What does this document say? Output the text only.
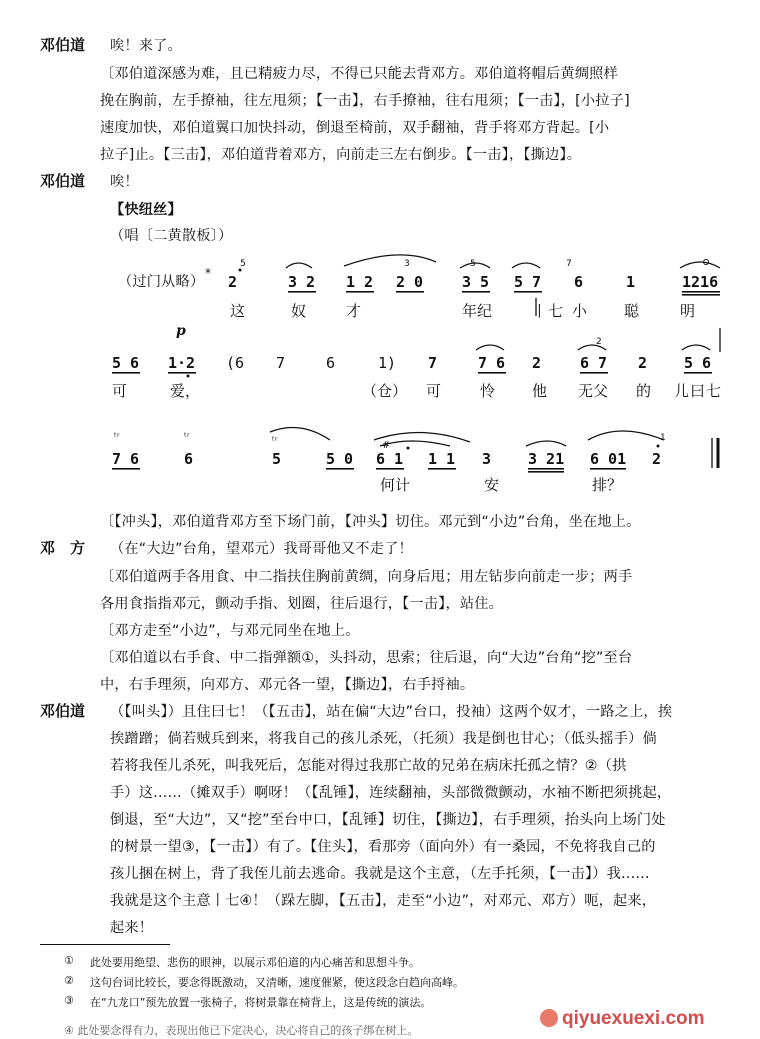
邓伯道 唉！来了。
〔邓伯道深感为难，且已精疲力尽，不得已只能去背邓方。邓伯道将帽后黄绸照样
挽在胸前，左手撩袖，往左甩须；【一击】，右手撩袖，往右甩须；【一击】，[小拉子]
速度加快，邓伯道翼口加快抖动，倒退至椅前，双手翻袖，背手将邓方背起。[小
拉子]止。【三击】，邓伯道背着邓方，向前走三左右倒步。【一击】，【撕边】。
邓伯道 唉！
【快纽丝】
（唱〔二黄散板〕）
（过门从略）
* 2	3 2 1 2 2 0	3 5 5 7 6	1	1216
这	奴	才	年纪	丨 七 小 聪	明
p
5 6 1·2 (6 7	6	1) 7	7 6 2	6 7 2 5 6
可	爱，	（仓） 可	怜 他 无父 的 儿 曰 七
7 6	6	5	5 0 6 1 1 1 3 3 21 6 01 2
何计	安	排？
ᵗʳ	ᵗʳ	ᵗʳ	#
5	3	5	7
2
1
〔【冲头】，邓伯道背邓方至下场门前，【冲头】切住。邓元到“小边”台角，坐在地上。
邓　方 （在“大边”台角，望邓元）我哥哥他又不走了！
〔邓伯道两手各用食、中二指扶住胸前黄绸，向身后甩；用左钻步向前走一步；两手
各用食指指邓元，颤动手指、划圈，往后退行，【一击】，站住。
〔邓方走至“小边”，与邓元同坐在地上。
〔邓伯道以右手食、中二指弹额①，头抖动，思索；往后退，向“大边”台角“挖”至台
中，右手理须，向邓方、邓元各一望，【撕边】，右手捋袖。
邓伯道 （【叫头】）且住曰七！（【五击】，站在偏“大边”台口，投袖）这两个奴才，一路之上，挨
挨蹭蹭；倘若贼兵到来，将我自己的孩儿杀死，（托须）我是倒也甘心；（低头摇手）倘
若将我侄儿杀死，叫我死后，怎能对得过我那亡故的兄弟在病床托孤之情？②（拱
手）这……（摊双手）啊呀！（【乱锤】，连续翻袖，头部微微颤动，水袖不断把须挑起，
倒退，至“大边”，又“挖”至台中口，【乱锤】切住，【撕边】，右手理须，抬头向上场门处
的树景一望③，【一击】）有了。【住头】，看那旁（面向外）有一桑园，不免将我自己的
孩儿捆在树上，背了我侄儿前去逃命。我就是这个主意，（左手托须，【一击】）我……
我就是这个主意丨七④！（跺左脚，【五击】，走至“小边”，对邓元、邓方）呃，起来，
起来！
① 此处要用绝望、悲伤的眼神，以展示邓伯道的内心痛苦和思想斗争。
② 这句台词比较长，要念得既激动，又清晰，速度催紧，使这段念白趋向高峰。
③ 在“九龙口”预先放置一张椅子，将树景靠在椅背上，这是传统的演法。
④ 此处要念得有力，表现出他已下定决心，决心将自己的孩子绑在树上。
qiyuexuexi.com
